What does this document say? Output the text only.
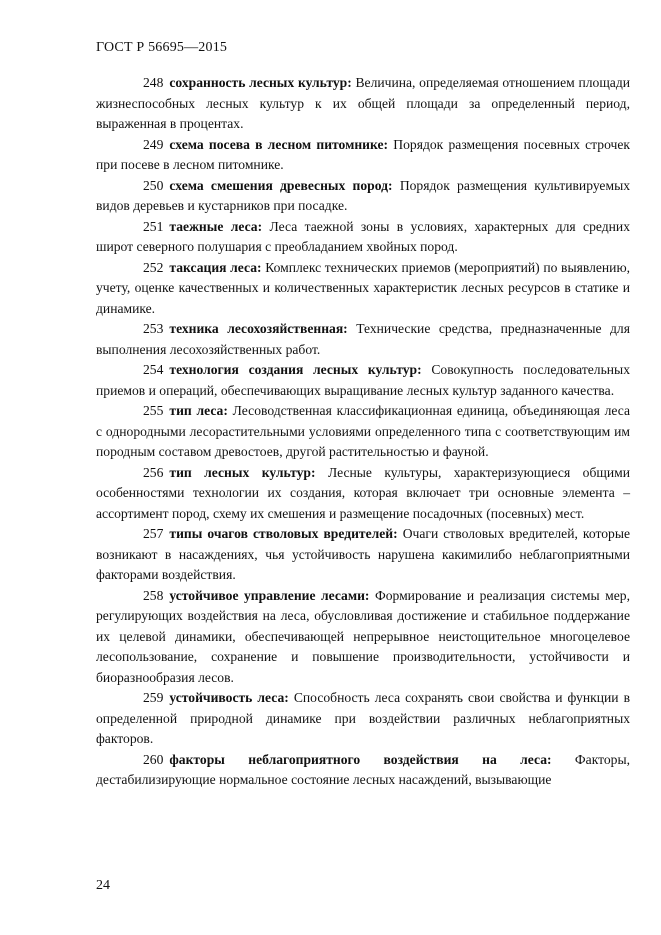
ГОСТ Р 56695—2015

248 сохранность лесных культур: Величина, определяемая отношением площади жизнеспособных лесных культур к их общей площади за определенный период, выраженная в процентах.

249 схема посева в лесном питомнике: Порядок размещения посевных строчек при посеве в лесном питомнике.

250 схема смешения древесных пород: Порядок размещения культивируемых видов деревьев и кустарников при посадке.

251 таежные леса: Леса таежной зоны в условиях, характерных для средних широт северного полушария с преобладанием хвойных пород.

252 таксация леса: Комплекс технических приемов (мероприятий) по выявлению, учету, оценке качественных и количественных характеристик лесных ресурсов в статике и динамике.

253 техника лесохозяйственная: Технические средства, предназначенные для выполнения лесохозяйственных работ.

254 технология создания лесных культур: Совокупность последовательных приемов и операций, обеспечивающих выращивание лесных культур заданного качества.

255 тип леса: Лесоводственная классификационная единица, объединяющая леса с однородными лесорастительными условиями определенного типа с соответствующим им породным составом древостоев, другой растительностью и фауной.

256 тип лесных культур: Лесные культуры, характеризующиеся общими особенностями технологии их создания, которая включает три основные элемента – ассортимент пород, схему их смешения и размещение посадочных (посевных) мест.

257 типы очагов стволовых вредителей: Очаги стволовых вредителей, которые возникают в насаждениях, чья устойчивость нарушена какимилибо неблагоприятными факторами воздействия.

258 устойчивое управление лесами: Формирование и реализация системы мер, регулирующих воздействия на леса, обусловливая достижение и стабильное поддержание их целевой динамики, обеспечивающей непрерывное неистощительное многоцелевое лесопользование, сохранение и повышение производительности, устойчивости и биоразнообразия лесов.

259 устойчивость леса: Способность леса сохранять свои свойства и функции в определенной природной динамике при воздействии различных неблагоприятных факторов.

260 факторы неблагоприятного воздействия на леса: Факторы, дестабилизирующие нормальное состояние лесных насаждений, вызывающие

24
